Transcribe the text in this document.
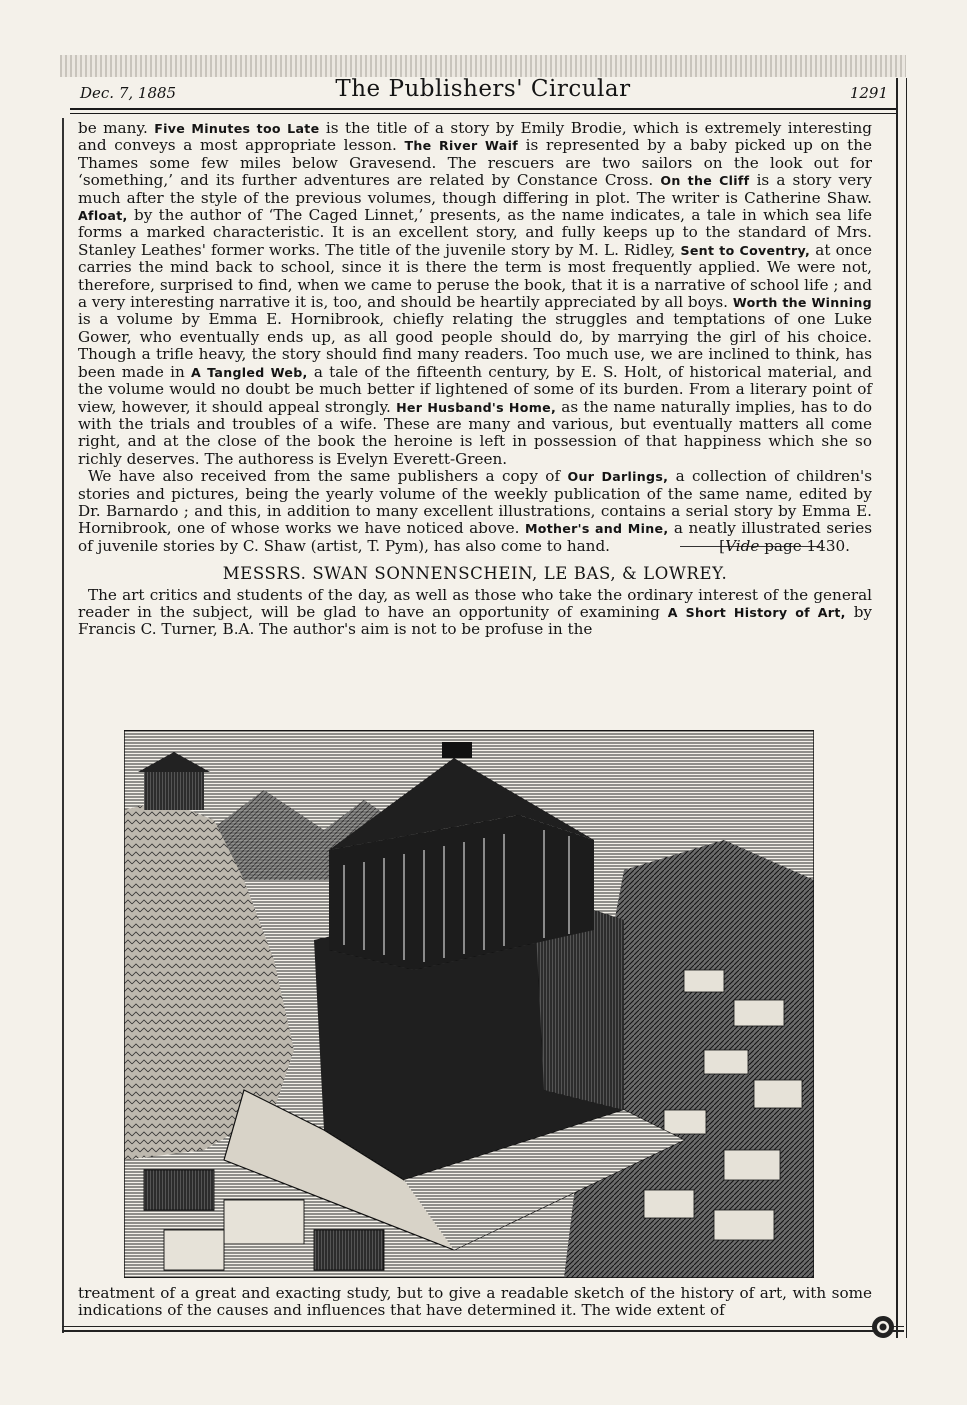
Dec. 7, 1885	The Publishers' Circular	1291

be many. Five Minutes too Late is the title of a story by Emily Brodie, which is extremely interesting and conveys a most appropriate lesson. The River Waif is represented by a baby picked up on the Thames some few miles below Gravesend. The rescuers are two sailors on the look out for ‘something,’ and its further adventures are related by Constance Cross. On the Cliff is a story very much after the style of the previous volumes, though differing in plot. The writer is Catherine Shaw. Afloat, by the author of ‘The Caged Linnet,’ presents, as the name indicates, a tale in which sea life forms a marked characteristic. It is an excellent story, and fully keeps up to the standard of Mrs. Stanley Leathes' former works. The title of the juvenile story by M. L. Ridley, Sent to Coventry, at once carries the mind back to school, since it is there the term is most frequently applied. We were not, therefore, surprised to find, when we came to peruse the book, that it is a narrative of school life ; and a very interesting narrative it is, too, and should be heartily appreciated by all boys. Worth the Winning is a volume by Emma E. Hornibrook, chiefly relating the struggles and temptations of one Luke Gower, who eventually ends up, as all good people should do, by marrying the girl of his choice. Though a trifle heavy, the story should find many readers. Too much use, we are inclined to think, has been made in A Tangled Web, a tale of the fifteenth century, by E. S. Holt, of historical material, and the volume would no doubt be much better if lightened of some of its burden. From a literary point of view, however, it should appeal strongly. Her Husband's Home, as the name naturally implies, has to do with the trials and troubles of a wife. These are many and various, but eventually matters all come right, and at the close of the book the heroine is left in possession of that happiness which she so richly deserves. The authoress is Evelyn Everett-Green.

We have also received from the same publishers a copy of Our Darlings, a collection of children's stories and pictures, being the yearly volume of the weekly publication of the same name, edited by Dr. Barnardo ; and this, in addition to many excellent illustrations, contains a serial story by Emma E. Hornibrook, one of whose works we have noticed above. Mother's and Mine, a neatly illustrated series of juvenile stories by C. Shaw (artist, T. Pym), has also come to hand.	[Vide page 1430.
MESSRS. SWAN SONNENSCHEIN, LE BAS, & LOWREY.

The art critics and students of the day, as well as those who take the ordinary interest of the general reader in the subject, will be glad to have an opportunity of examining A Short History of Art, by Francis C. Turner, B.A. The author's aim is not to be profuse in the

treatment of a great and exacting study, but to give a readable sketch of the history of art, with some indications of the causes and influences that have determined it. The wide extent of
